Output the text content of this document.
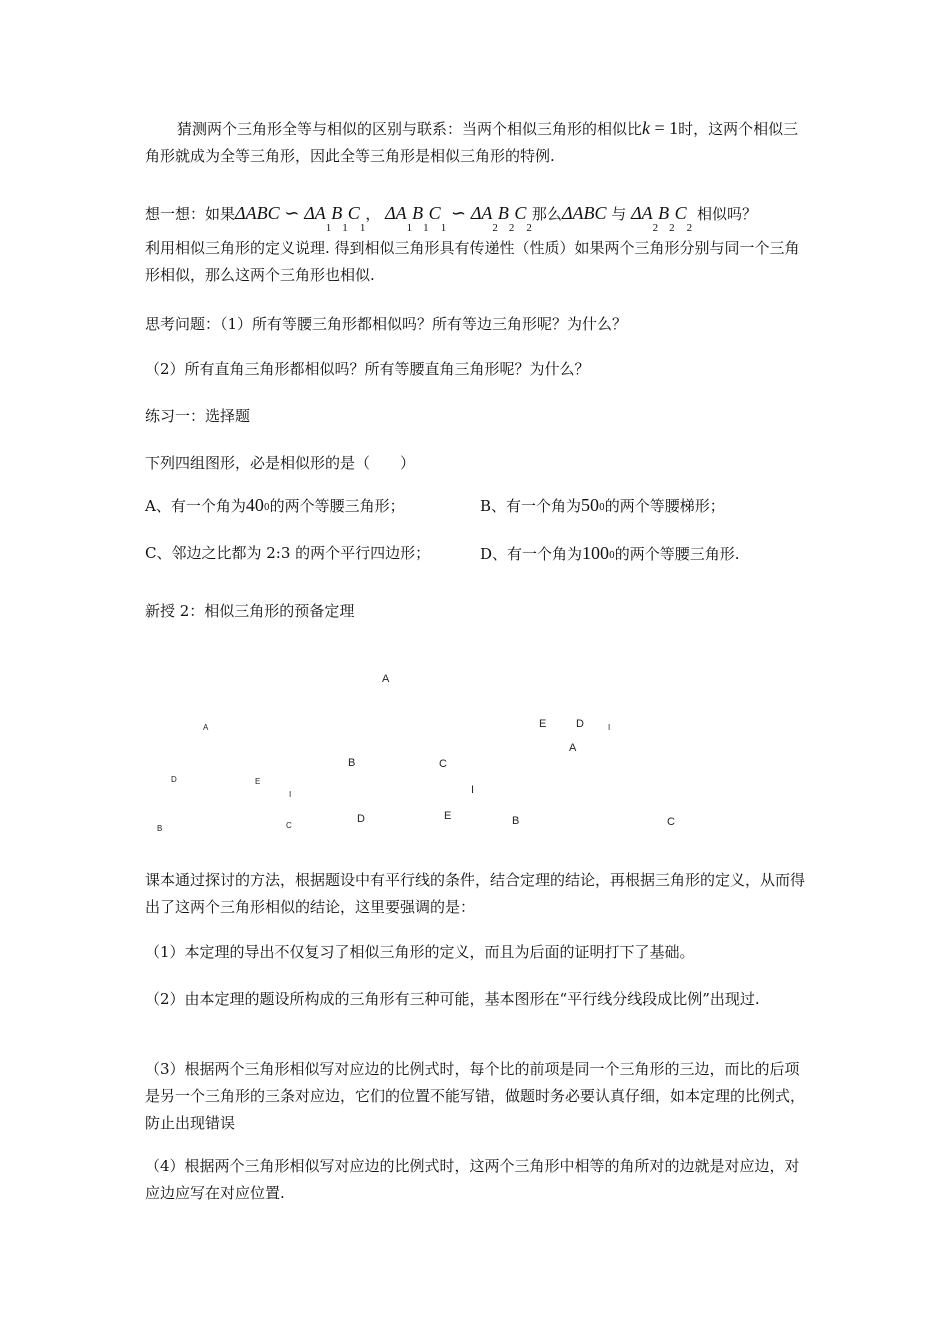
猜测两个三角形全等与相似的区别与联系：当两个相似三角形的相似比k = 1时，这两个相似三角形就成为全等三角形，因此全等三角形是相似三角形的特例.

想一想：如果ΔABC ∽ $\Delta A_1B_1C_1$， $\Delta A_1B_1C_1$ ∽ $\Delta A_2B_2C_2$那么ΔABC 与 $\Delta A_2B_2C_2$ 相似吗？

利用相似三角形的定义说理. 得到相似三角形具有传递性（性质）如果两个三角形分别与同一个三角形相似，那么这两个三角形也相似.

思考问题：（1）所有等腰三角形都相似吗？所有等边三角形呢？为什么？
（2）所有直角三角形都相似吗？所有等腰直角三角形呢？为什么？
练习一：选择题
下列四组图形，必是相似形的是（　　）
A、有一个角为400的两个等腰三角形；	B、有一个角为500的两个等腰梯形；
C、邻边之比都为 2:3 的两个平行四边形；	D、有一个角为1000的两个等腰三角形.
新授 2：相似三角形的预备定理
A
A	E	D	I
A
B	C
D	E
I	I
D	E	B
C
B
C
课本通过探讨的方法，根据题设中有平行线的条件，结合定理的结论，再根据三角形的定义，从而得出了这两个三角形相似的结论，这里要强调的是：
（1）本定理的导出不仅复习了相似三角形的定义，而且为后面的证明打下了基础。
（2）由本定理的题设所构成的三角形有三种可能，基本图形在“平行线分线段成比例”出现过.
（3）根据两个三角形相似写对应边的比例式时，每个比的前项是同一个三角形的三边，而比的后项是另一个三角形的三条对应边，它们的位置不能写错，做题时务必要认真仔细，如本定理的比例式，防止出现错误
（4）根据两个三角形相似写对应边的比例式时，这两个三角形中相等的角所对的边就是对应边，对应边应写在对应位置.
